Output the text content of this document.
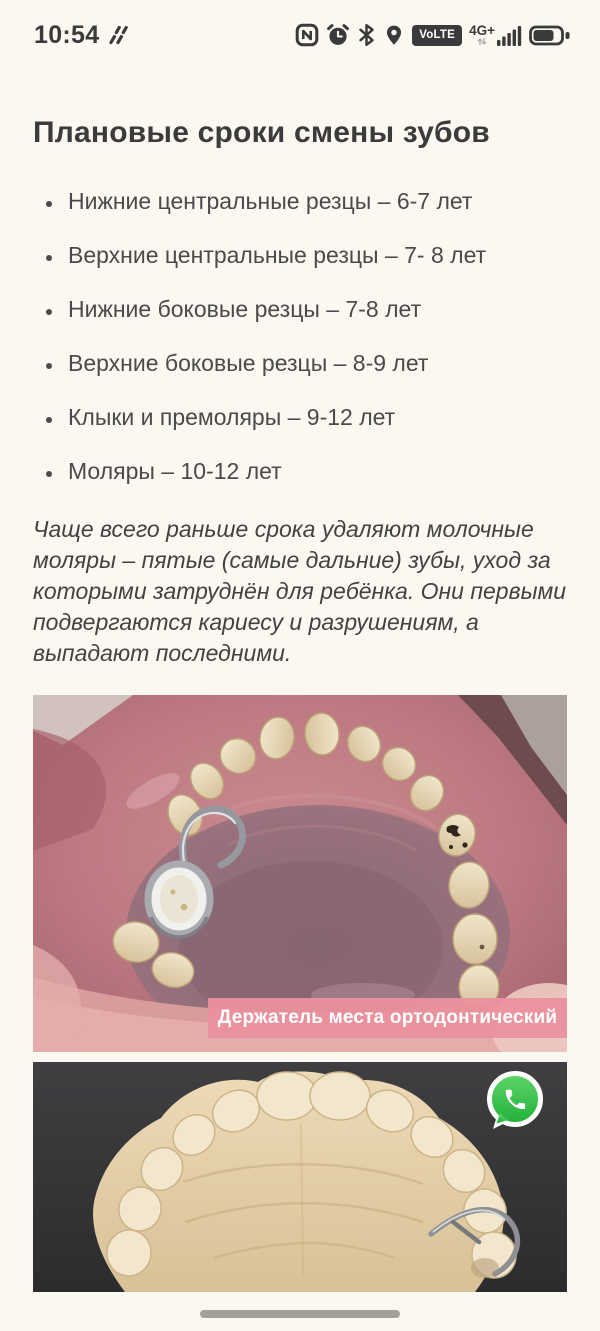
10:54	VoLTE 4G+
Плановые сроки смены зубов
• Нижние центральные резцы – 6-7 лет
• Верхние центральные резцы – 7- 8 лет
• Нижние боковые резцы – 7-8 лет
• Верхние боковые резцы – 8-9 лет
• Клыки и премоляры – 9-12 лет
• Моляры – 10-12 лет

Чаще всего раньше срока удаляют молочные
моляры – пятые (самые дальние) зубы, уход за
которыми затруднён для ребёнка. Они первыми
подвергаются кариесу и разрушениям, а
выпадают последними.

Держатель места ортодонтический
